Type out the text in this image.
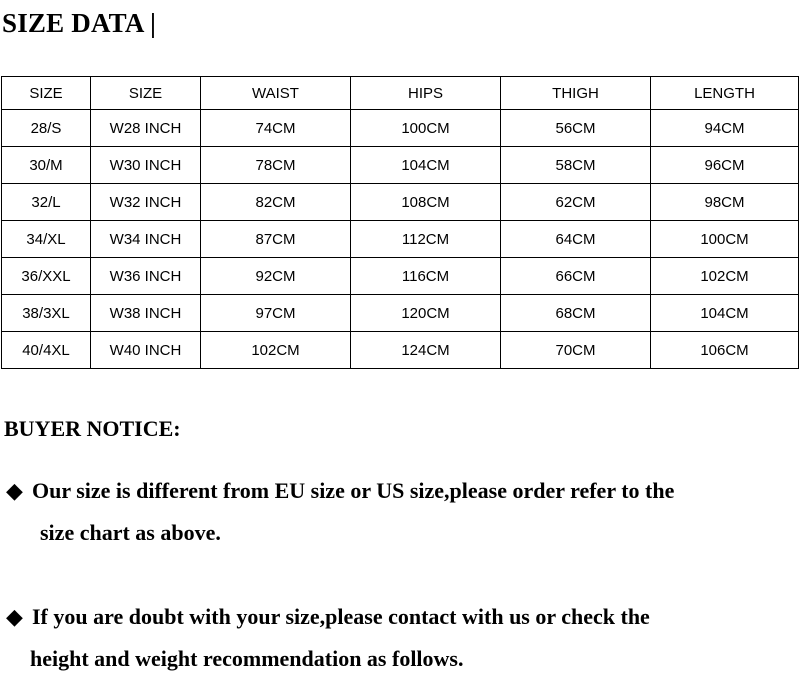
SIZE DATA |
SIZE	SIZE	WAIST	HIPS	THIGH	LENGTH
28/S	W28 INCH	74CM	100CM	56CM	94CM
30/M	W30 INCH	78CM	104CM	58CM	96CM
32/L	W32 INCH	82CM	108CM	62CM	98CM
34/XL	W34 INCH	87CM	112CM	64CM	100CM
36/XXL	W36 INCH	92CM	116CM	66CM	102CM
38/3XL	W38 INCH	97CM	120CM	68CM	104CM
40/4XL	W40 INCH	102CM	124CM	70CM	106CM
BUYER NOTICE:
◆ Our size is different from EU size or US size,please order refer to the
size chart as above.
◆ If you are doubt with your size,please contact with us or check the
height and weight recommendation as follows.
